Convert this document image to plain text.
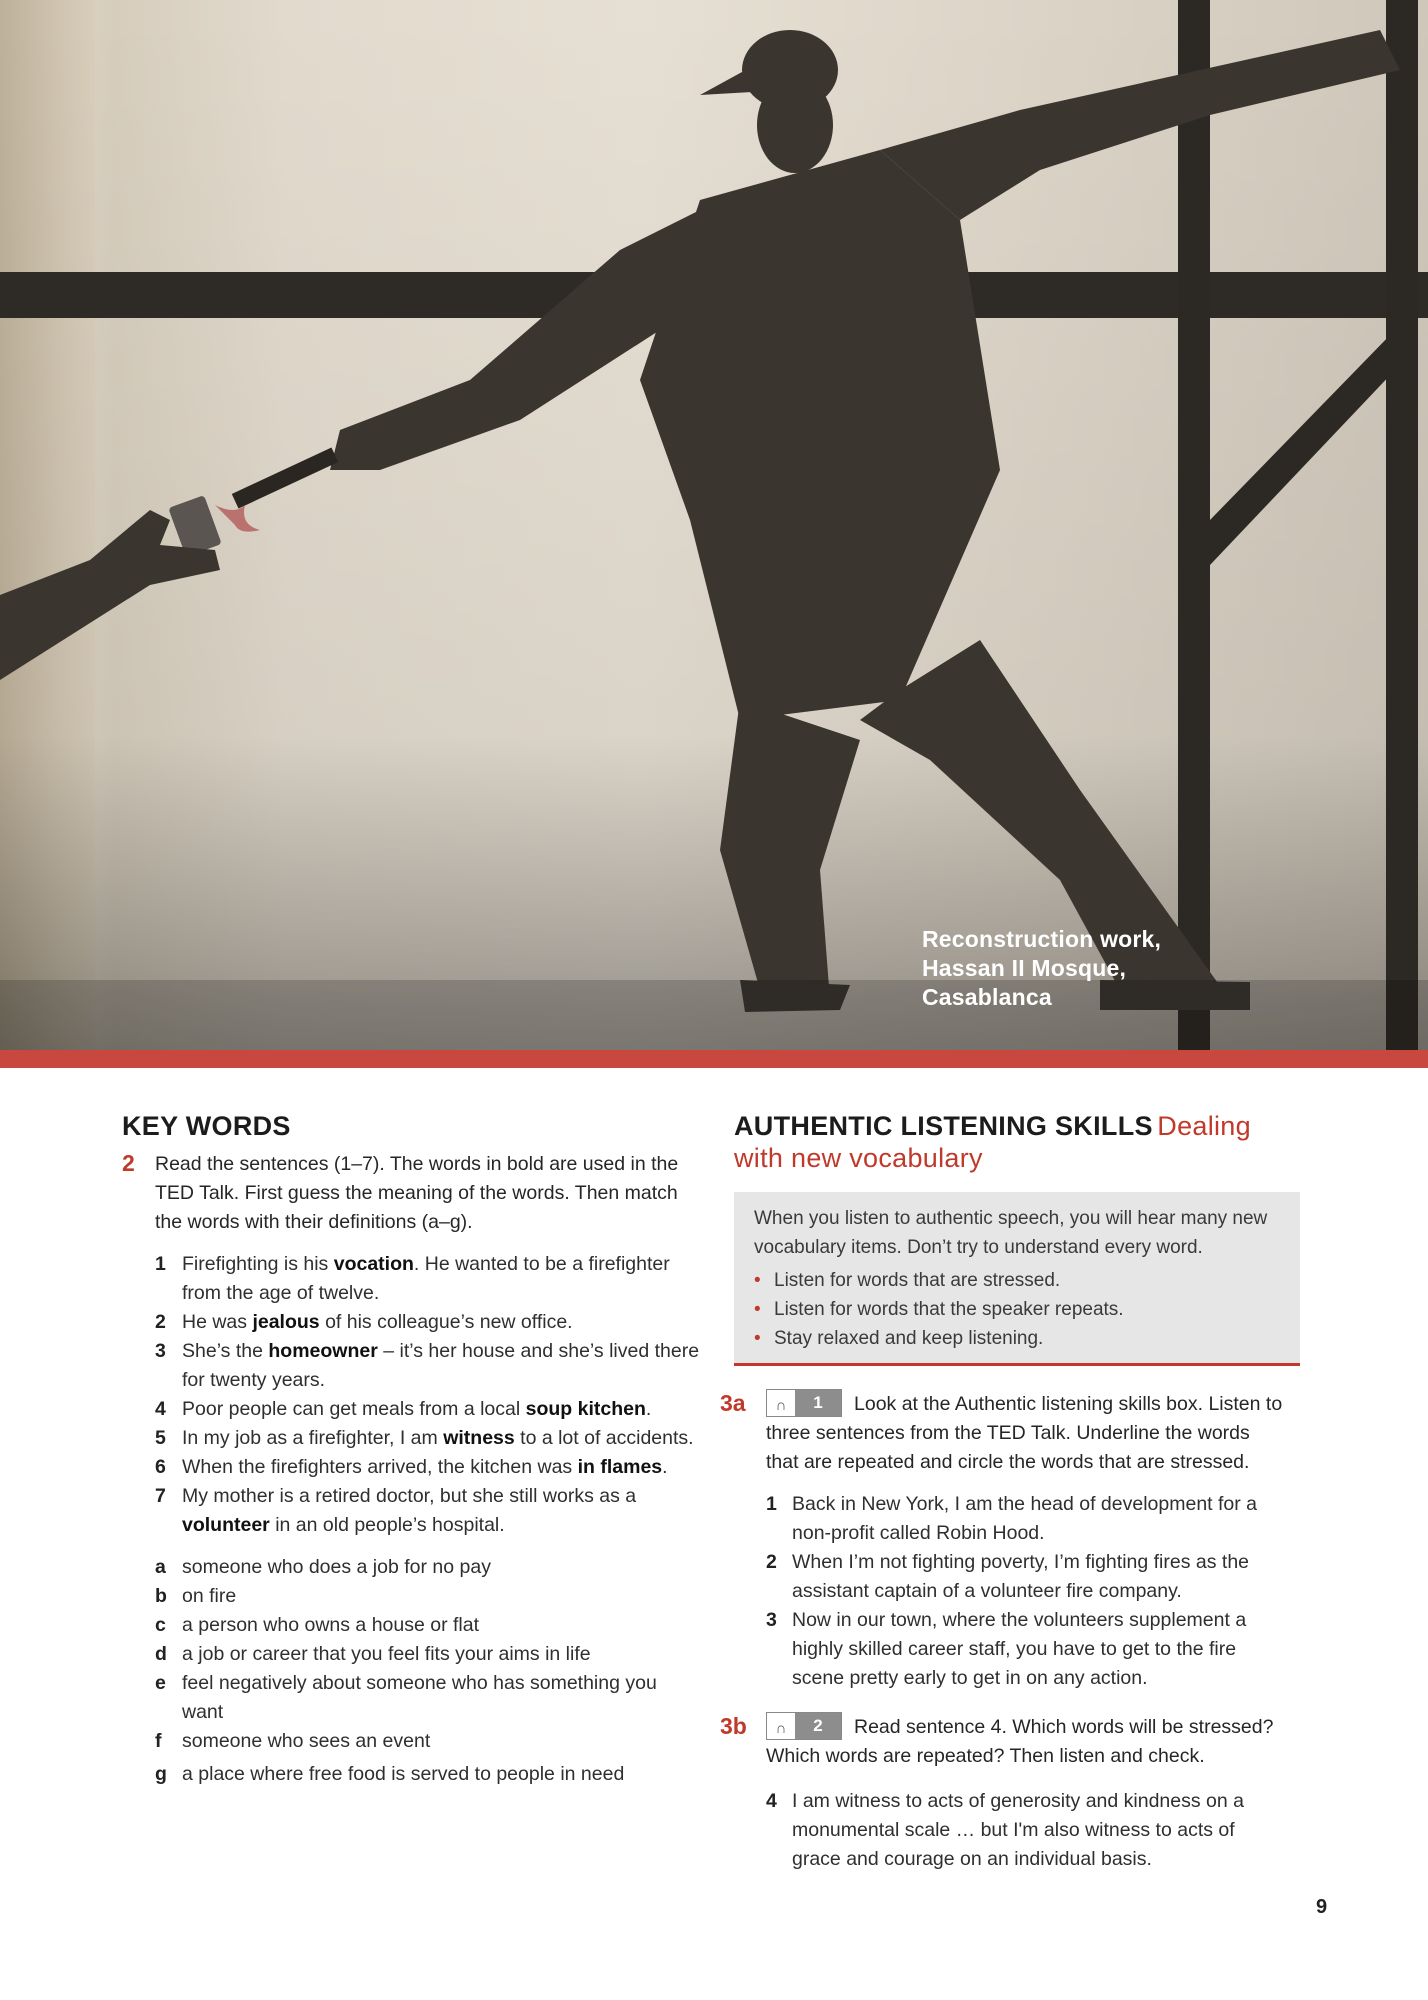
Reconstruction work,
Hassan II Mosque,
Casablanca
KEY WORDS
2 Read the sentences (1–7). The words in bold are used in the TED Talk. First guess the meaning of the words. Then match the words with their definitions (a–g).
1 Firefighting is his vocation. He wanted to be a firefighter from the age of twelve.
2 He was jealous of his colleague’s new office.
3 She’s the homeowner – it’s her house and she’s lived there for twenty years.
4 Poor people can get meals from a local soup kitchen.
5 In my job as a firefighter, I am witness to a lot of accidents.
6 When the firefighters arrived, the kitchen was in flames.
7 My mother is a retired doctor, but she still works as a volunteer in an old people’s hospital.
a someone who does a job for no pay
b on fire
c a person who owns a house or flat
d a job or career that you feel fits your aims in life
e feel negatively about someone who has something you want
f someone who sees an event
g a place where free food is served to people in need
AUTHENTIC LISTENING SKILLS Dealing with new vocabulary
When you listen to authentic speech, you will hear many new vocabulary items. Don’t try to understand every word.
• Listen for words that are stressed.
• Listen for words that the speaker repeats.
• Stay relaxed and keep listening.
3a ∩ 1 Look at the Authentic listening skills box. Listen to three sentences from the TED Talk. Underline the words that are repeated and circle the words that are stressed.
1 Back in New York, I am the head of development for a non-profit called Robin Hood.
2 When I’m not fighting poverty, I’m fighting fires as the assistant captain of a volunteer fire company.
3 Now in our town, where the volunteers supplement a highly skilled career staff, you have to get to the fire scene pretty early to get in on any action.
3b ∩ 2 Read sentence 4. Which words will be stressed? Which words are repeated? Then listen and check.
4 I am witness to acts of generosity and kindness on a monumental scale … but I'm also witness to acts of grace and courage on an individual basis.
9
